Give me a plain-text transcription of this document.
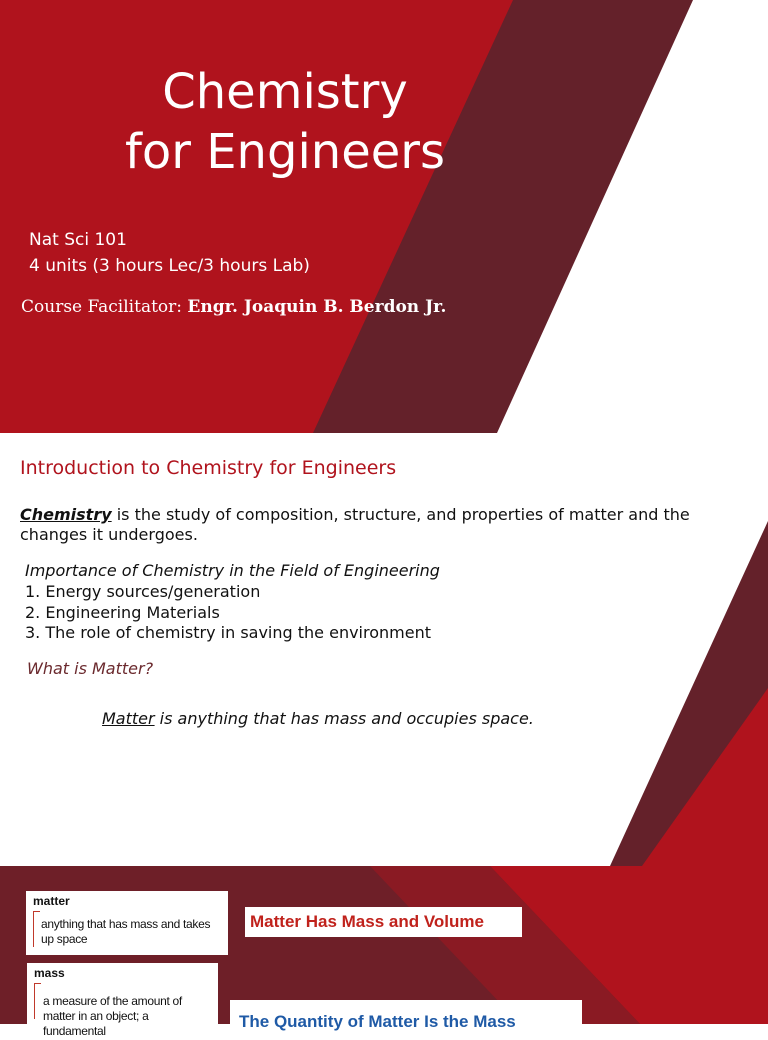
Chemistry
for Engineers
Nat Sci 101
4 units (3 hours Lec/3 hours Lab)
Course Facilitator: Engr. Joaquin B. Berdon Jr.
Introduction to Chemistry for Engineers

Chemistry is the study of composition, structure, and properties of matter and the changes it undergoes.

Importance of Chemistry in the Field of Engineering
1. Energy sources/generation
2. Engineering Materials
3. The role of chemistry in saving the environment
What is Matter?

Matter is anything that has mass and occupies space.

matter
anything that has mass and takes up space
mass
a measure of the amount of matter in an object; a fundamental
Matter Has Mass and Volume
The Quantity of Matter Is the Mass
